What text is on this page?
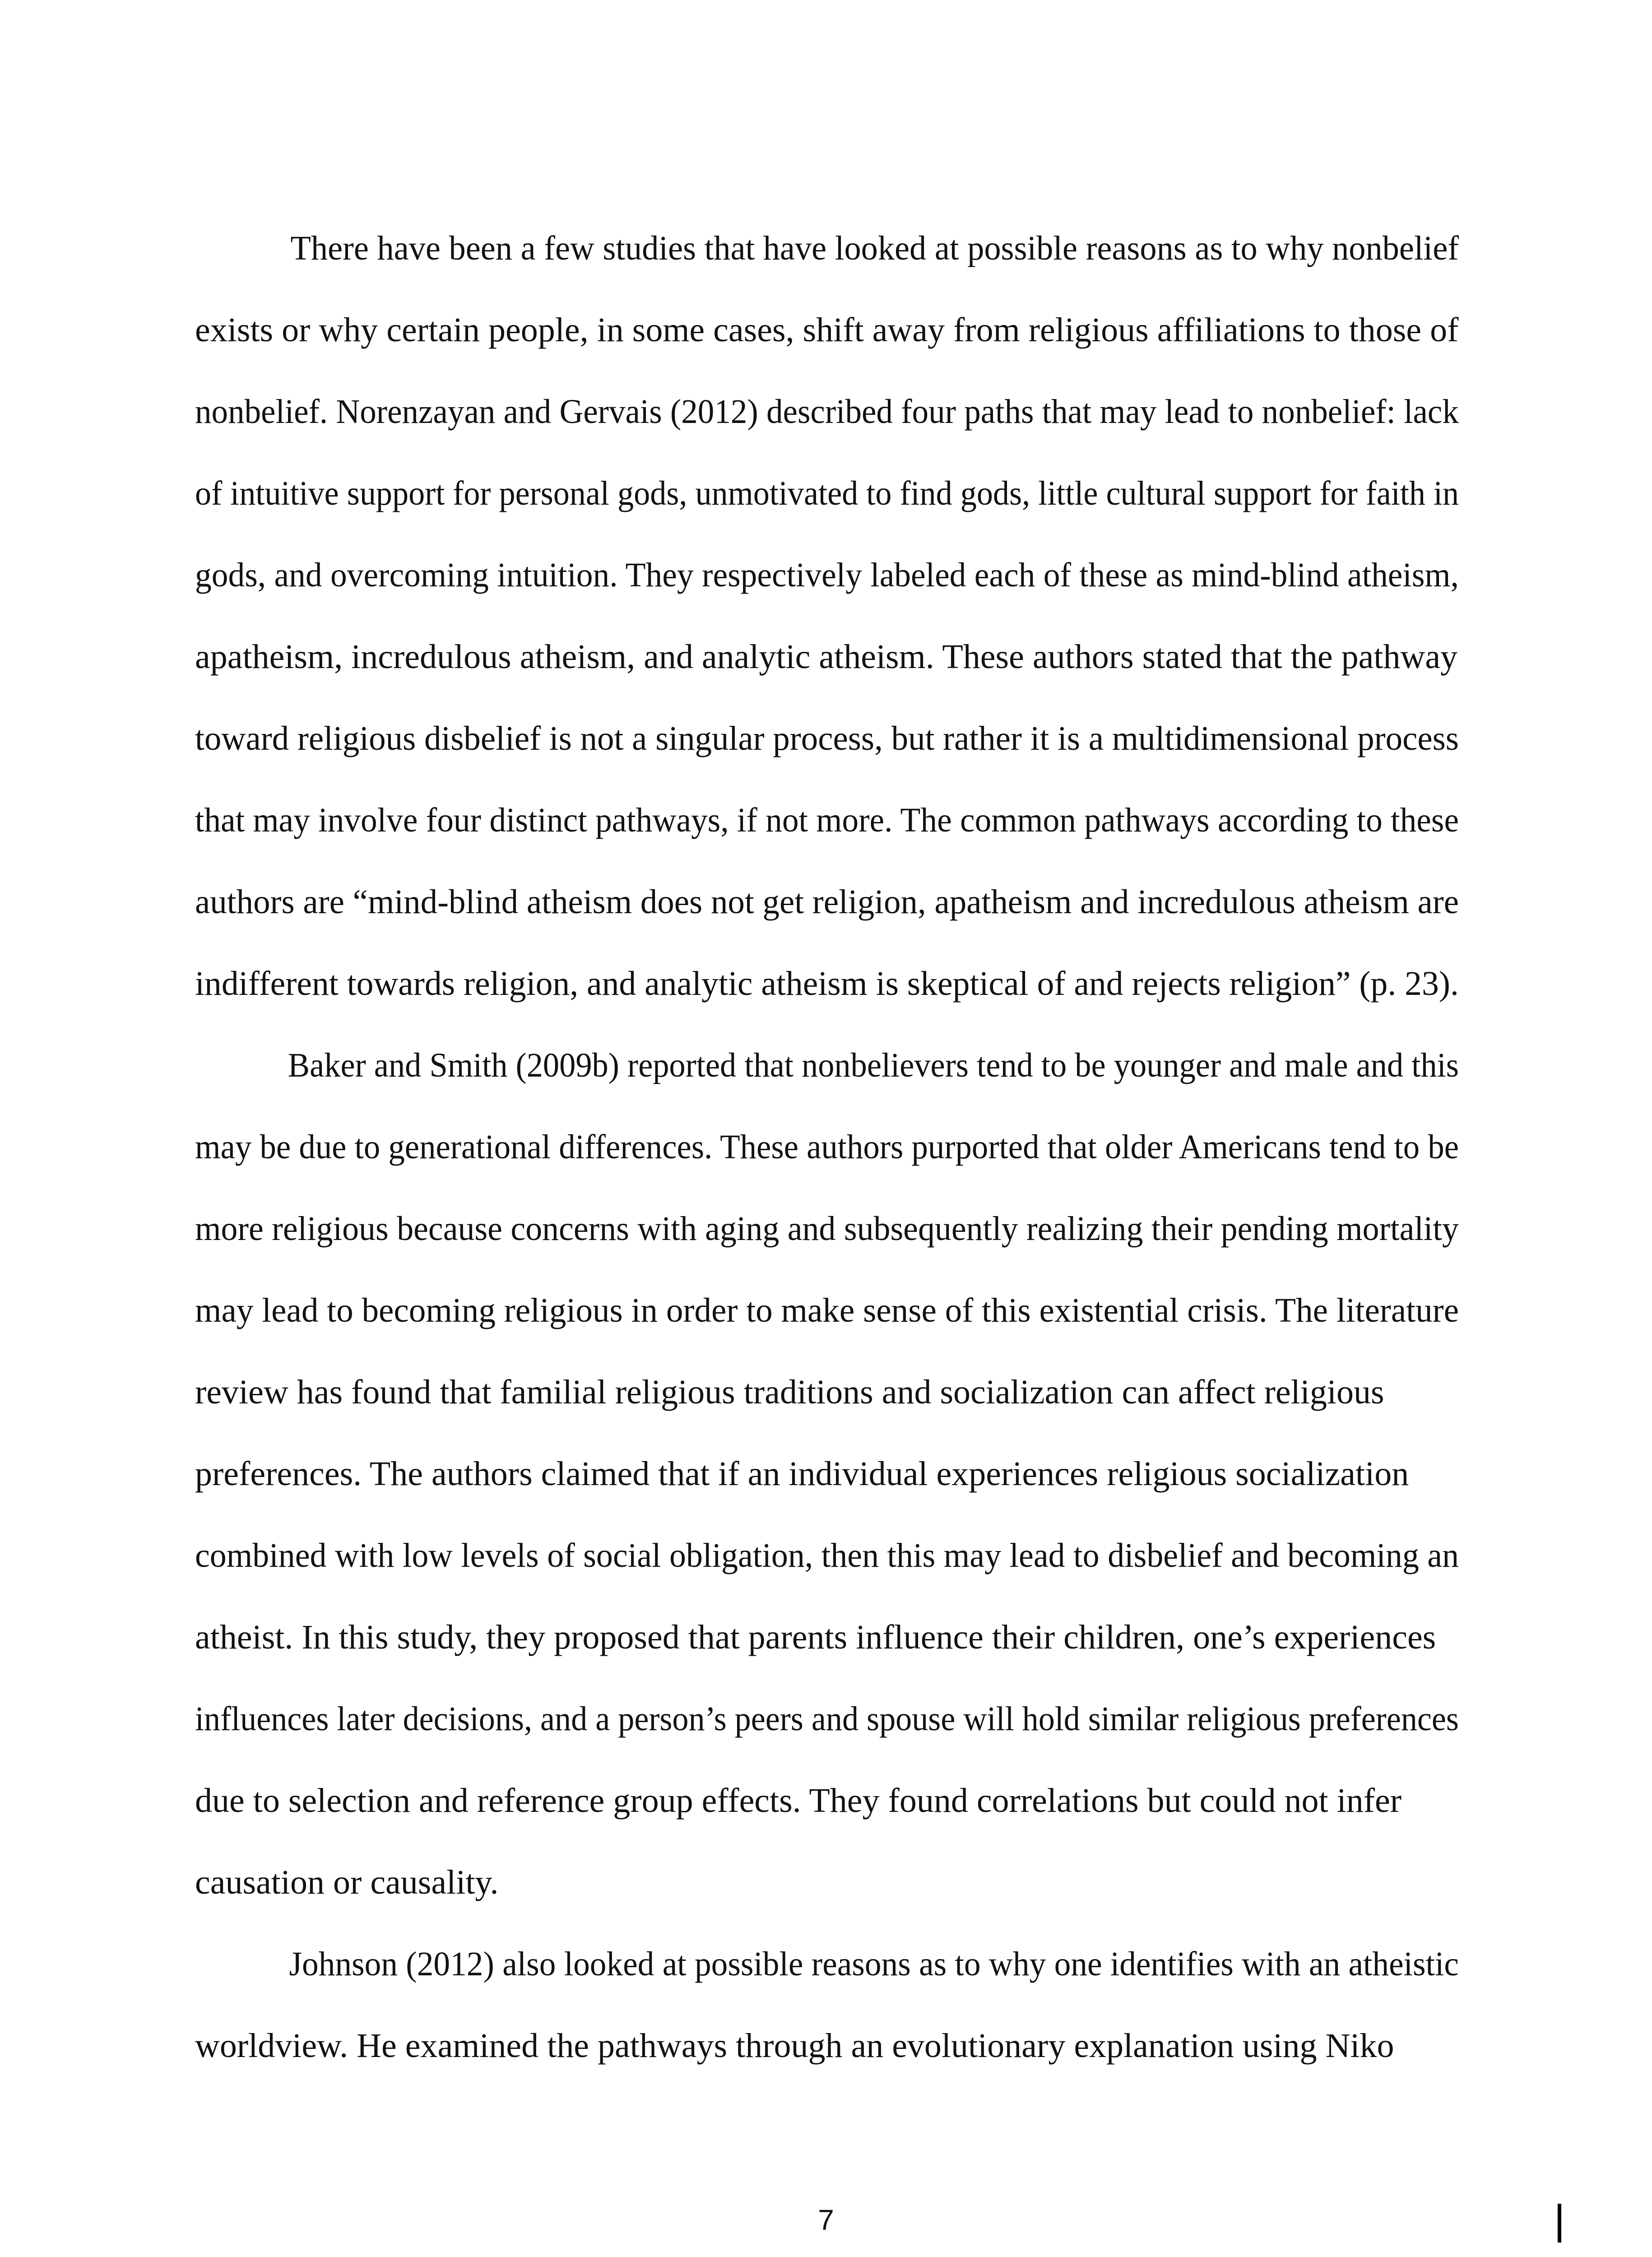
There have been a few studies that have looked at possible reasons as to why nonbelief
exists or why certain people, in some cases, shift away from religious affiliations to those of
nonbelief. Norenzayan and Gervais (2012) described four paths that may lead to nonbelief: lack
of intuitive support for personal gods, unmotivated to find gods, little cultural support for faith in
gods, and overcoming intuition. They respectively labeled each of these as mind-blind atheism,
apatheism, incredulous atheism, and analytic atheism. These authors stated that the pathway
toward religious disbelief is not a singular process, but rather it is a multidimensional process
that may involve four distinct pathways, if not more. The common pathways according to these
authors are “mind-blind atheism does not get religion, apatheism and incredulous atheism are
indifferent towards religion, and analytic atheism is skeptical of and rejects religion” (p. 23).
Baker and Smith (2009b) reported that nonbelievers tend to be younger and male and this
may be due to generational differences. These authors purported that older Americans tend to be
more religious because concerns with aging and subsequently realizing their pending mortality
may lead to becoming religious in order to make sense of this existential crisis. The literature
review has found that familial religious traditions and socialization can affect religious
preferences. The authors claimed that if an individual experiences religious socialization
combined with low levels of social obligation, then this may lead to disbelief and becoming an
atheist. In this study, they proposed that parents influence their children, one’s experiences
influences later decisions, and a person’s peers and spouse will hold similar religious preferences
due to selection and reference group effects. They found correlations but could not infer
causation or causality.
Johnson (2012) also looked at possible reasons as to why one identifies with an atheistic
worldview. He examined the pathways through an evolutionary explanation using Niko
7
